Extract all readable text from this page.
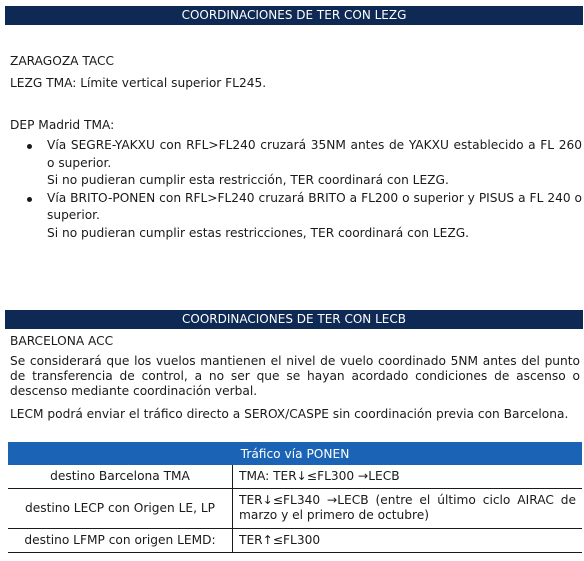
COORDINACIONES DE TER CON LEZG
ZARAGOZA TACC
LEZG TMA: Límite vertical superior FL245.
DEP Madrid TMA:
Vía SEGRE-YAKXU con RFL>FL240 cruzará 35NM antes de YAKXU establecido a FL 260 o superior.
Si no pudieran cumplir esta restricción, TER coordinará con LEZG.
Vía BRITO-PONEN con RFL>FL240 cruzará BRITO a FL200 o superior y PISUS a FL 240 o superior.
Si no pudieran cumplir estas restricciones, TER coordinará con LEZG.
COORDINACIONES DE TER CON LECB
BARCELONA ACC
Se considerará que los vuelos mantienen el nivel de vuelo coordinado 5NM antes del punto de transferencia de control, a no ser que se hayan acordado condiciones de ascenso o descenso mediante coordinación verbal.
LECM podrá enviar el tráfico directo a SEROX/CASPE sin coordinación previa con Barcelona.
Tráfico vía PONEN	
destino Barcelona TMA	TMA: TER↓≤FL300 →LECB
destino LECP con Origen LE, LP	TER↓≤FL340 →LECB (entre el último ciclo AIRAC de marzo y el primero de octubre)
destino LFMP con origen LEMD:	TER↑≤FL300
